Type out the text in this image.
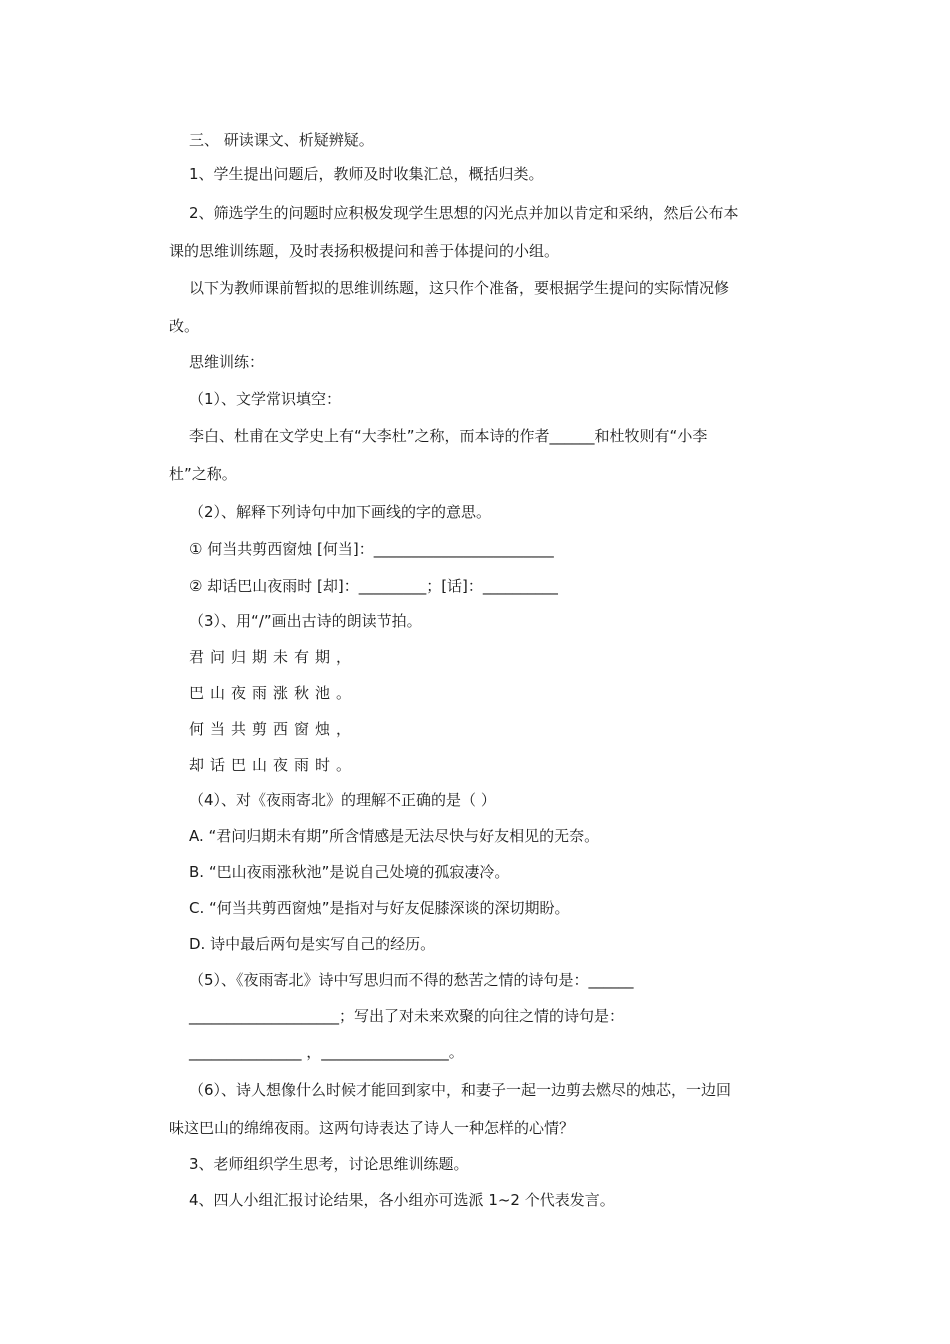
三、 研读课文、析疑辨疑。
1、学生提出问题后，教师及时收集汇总，概括归类。
2、筛选学生的问题时应积极发现学生思想的闪光点并加以肯定和采纳，然后公布本
课的思维训练题，及时表扬积极提问和善于体提问的小组。
以下为教师课前暂拟的思维训练题，这只作个准备，要根据学生提问的实际情况修
改。
思维训练：
（1）、文学常识填空：
李白、杜甫在文学史上有“大李杜”之称，而本诗的作者______和杜牧则有“小李
杜”之称。
（2）、解释下列诗句中加下画线的字的意思。
① 何当共剪西窗烛 [何当]：________________________
② 却话巴山夜雨时 [却]：_________；[话]：__________
（3）、用“/”画出古诗的朗读节拍。
君问归期未有期，
巴山夜雨涨秋池。
何当共剪西窗烛，
却话巴山夜雨时。
（4）、对《夜雨寄北》的理解不正确的是（ ）
A. “君问归期未有期”所含情感是无法尽快与好友相见的无奈。
B. “巴山夜雨涨秋池”是说自己处境的孤寂凄冷。
C. “何当共剪西窗烛”是指对与好友促膝深谈的深切期盼。
D. 诗中最后两句是实写自己的经历。
（5）、《夜雨寄北》诗中写思归而不得的愁苦之情的诗句是：______
____________________；写出了对未来欢聚的向往之情的诗句是：
_______________ ，_________________。
（6）、诗人想像什么时候才能回到家中，和妻子一起一边剪去燃尽的烛芯，一边回
味这巴山的绵绵夜雨。这两句诗表达了诗人一种怎样的心情？
3、老师组织学生思考，讨论思维训练题。
4、四人小组汇报讨论结果，各小组亦可选派 1~2 个代表发言。
